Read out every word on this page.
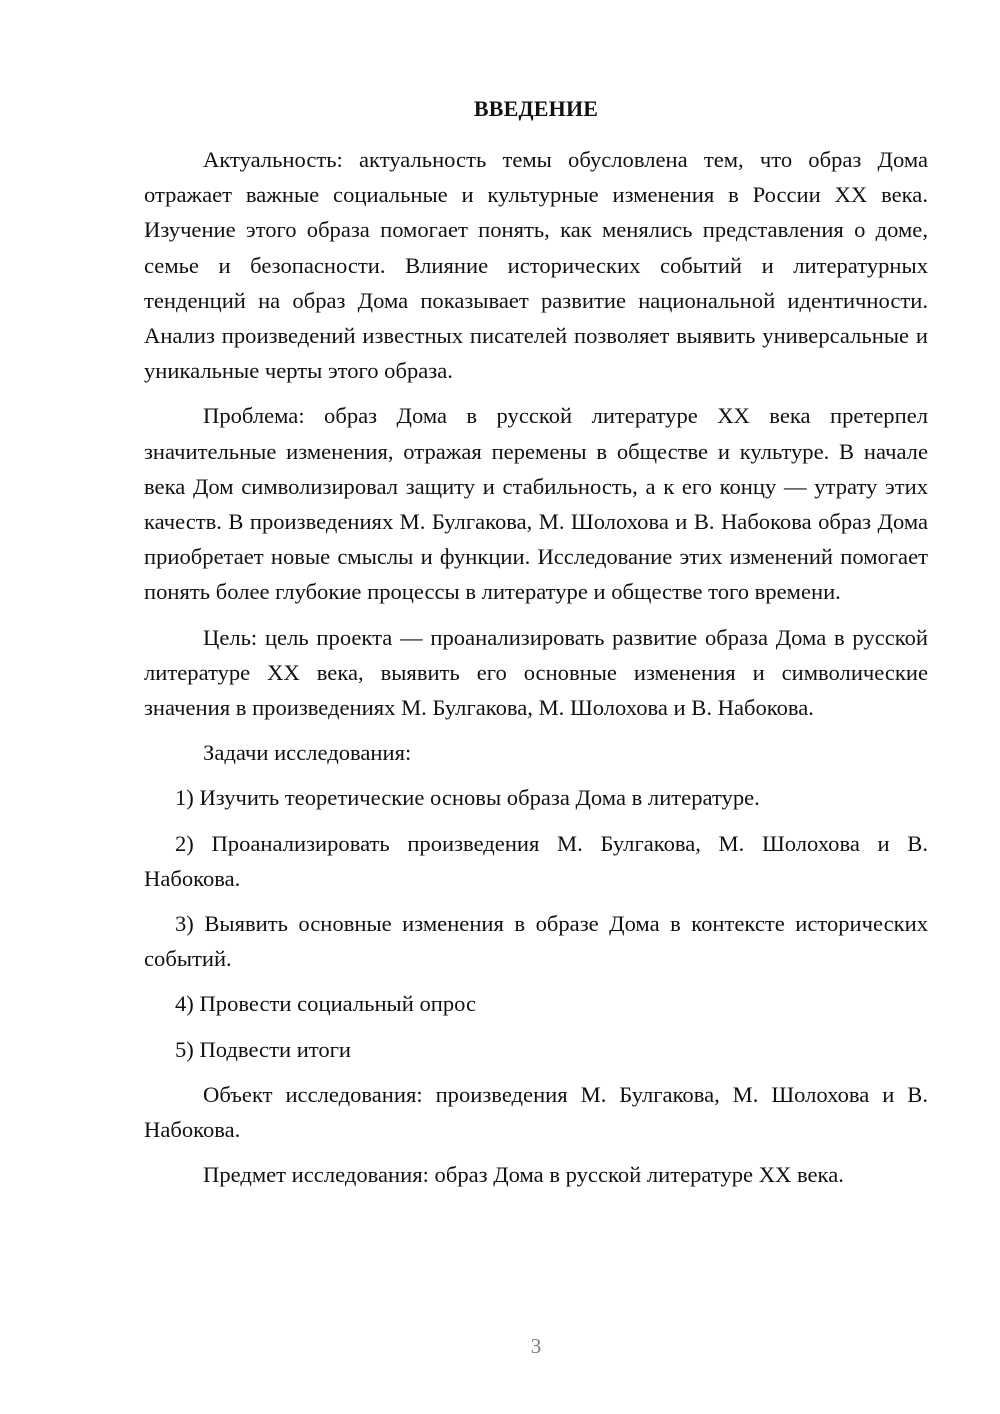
ВВЕДЕНИЕ

Актуальность: актуальность темы обусловлена тем, что образ Дома отражает важные социальные и культурные изменения в России XX века. Изучение этого образа помогает понять, как менялись представления о доме, семье и безопасности. Влияние исторических событий и литературных тенденций на образ Дома показывает развитие национальной идентичности. Анализ произведений известных писателей позволяет выявить универсальные и уникальные черты этого образа.

Проблема: образ Дома в русской литературе XX века претерпел значительные изменения, отражая перемены в обществе и культуре. В начале века Дом символизировал защиту и стабильность, а к его концу — утрату этих качеств. В произведениях М. Булгакова, М. Шолохова и В. Набокова образ Дома приобретает новые смыслы и функции. Исследование этих изменений помогает понять более глубокие процессы в литературе и обществе того времени.

Цель: цель проекта — проанализировать развитие образа Дома в русской литературе XX века, выявить его основные изменения и символические значения в произведениях М. Булгакова, М. Шолохова и В. Набокова.

Задачи исследования:

1) Изучить теоретические основы образа Дома в литературе.

2) Проанализировать произведения М. Булгакова, М. Шолохова и В. Набокова.

3) Выявить основные изменения в образе Дома в контексте исторических событий.

4) Провести социальный опрос

5) Подвести итоги

Объект исследования: произведения М. Булгакова, М. Шолохова и В. Набокова.

Предмет исследования: образ Дома в русской литературе XX века.

3
